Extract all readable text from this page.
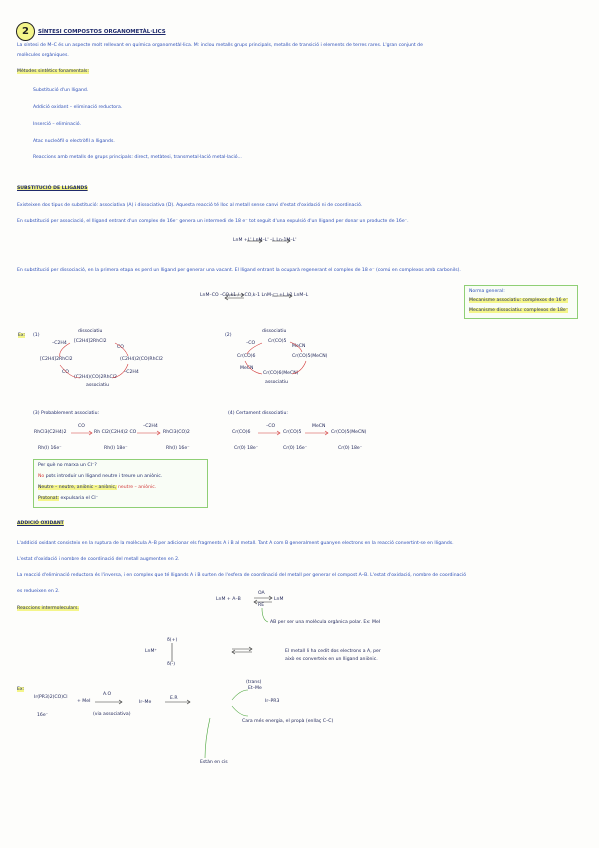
2	SÍNTESI COMPOSTOS ORGANOMETÀL·LICS
La síntesi de M–C és un aspecte molt rellevant en química organometàl·lica. M: inclou metalls grups principals, metalls de transició i elements de terres rares. L'gran conjunt de
molècules orgàniques.
Mètodes sintètics fonamentals:
Substitució d'un lligand.
Addició oxidant – eliminació reductora.
Inserció – eliminació.
Atac nucleòfil o electròfil a lligands.
Reaccions amb metalls de grups principals: direct, metàtesi, transmetal·lació metal·lació...
SUBSTITUCIÓ DE LLIGANDS
Existeixen dos tipus de substitució: associativa (A) i dissociativa (D). Aquesta reacció té lloc al metall sense canvi d'estat d'oxidació ni de coordinació.
En substitució per associació, el lligand entrant d'un complex de 16e⁻ genera un intermedi de 18 e⁻ tot seguit d'una expulsió d'un lligand per donar un producte de 16e⁻.
LnM +L' LnM–L' –L Ln-1M–L'
En substitució per dissociació, en la primera etapa es perd un lligand per generar una vacant. El lligand entrant la ocuparà regenerant el complex de 18 e⁻ (comú en complexos amb carbonils).
LnM–CO –CO,k1 / +CO,k-1 LnM–□ +L,k2 LnM–L
Norma general:
Mecanisme associatiu: complexos de 16 e⁻
Mecanisme dissociatiu: complexos de 18e⁻
Ex: (1)
dissociatiu
–C2H4 [C2H4]2RhCl2
CO
[C2H4]2RhCl2	(C2H4)2(CO)RhCl2
CO	–C2H4
(C2H4)(CO)2RhCl2
associatiu
(2)
dissociatiu
–CO	Cr(CO)5
MeCN
Cr(CO)6	Cr(CO)5(MeCN)
MeCN
Cr(CO)6(MeCN)
associatiu
(3) Probablement associatiu:
RhCl3(C2H4)2	Rh Cl2(C2H4)2 CO	RhCl3(CO)2
Rh(I) 16e⁻	Rh(I) 18e⁻	Rh(I) 16e⁻
CO	–C2H4
(4) Certament dissociatiu:
Cr(CO)6	Cr(CO)5	Cr(CO)5(MeCN)
Cr(0) 18e⁻	Cr(0) 16e⁻	Cr(0) 18e⁻
–CO	MeCN
Per què no marxa un Cl⁻?
No pots introduir un lligand neutre i treure un aniònic.
Neutre – neutre, aniònic – aniònic, neutre – aniònic.
Protonat: expulsaria el Cl⁻
ADDICIÓ OXIDANT
L'addició oxidant consisteix en la ruptura de la molècula A–B per adicionar els fragments A i B al metall. Tant A com B generalment guanyen electrons en la reacció convertint-se en lligands.
L'estat d'oxidació i nombre de coordinació del metall augmenten en 2.
La reacció d'eliminació reductora és l'inversa, i en complex que té lligands A i B surten de l'esfera de coordinació del metall per generar el compost A–B. L'estat d'oxidació, nombre de coordinació
es redueixen en 2.
Reaccions intermoleculars.
LnM + A–B
OA
RE
LnM
AB per ser una molècula orgànica polar. Ex: MeI
LnM⁺
δ(+)
δ(-)
El metall li ha cedit dos electrons a A, per
això es converteix en un lligand aniònic.
Ex:
Ir(PR3)2(CO)Cl
+ MeI
A.O
(via associativa)
16e⁻
E.R
Ir–Me
(trans)
Et–Me
Ir–PR3
Cara més energia, el propà (enllaç C–C)
Estàn en cis
